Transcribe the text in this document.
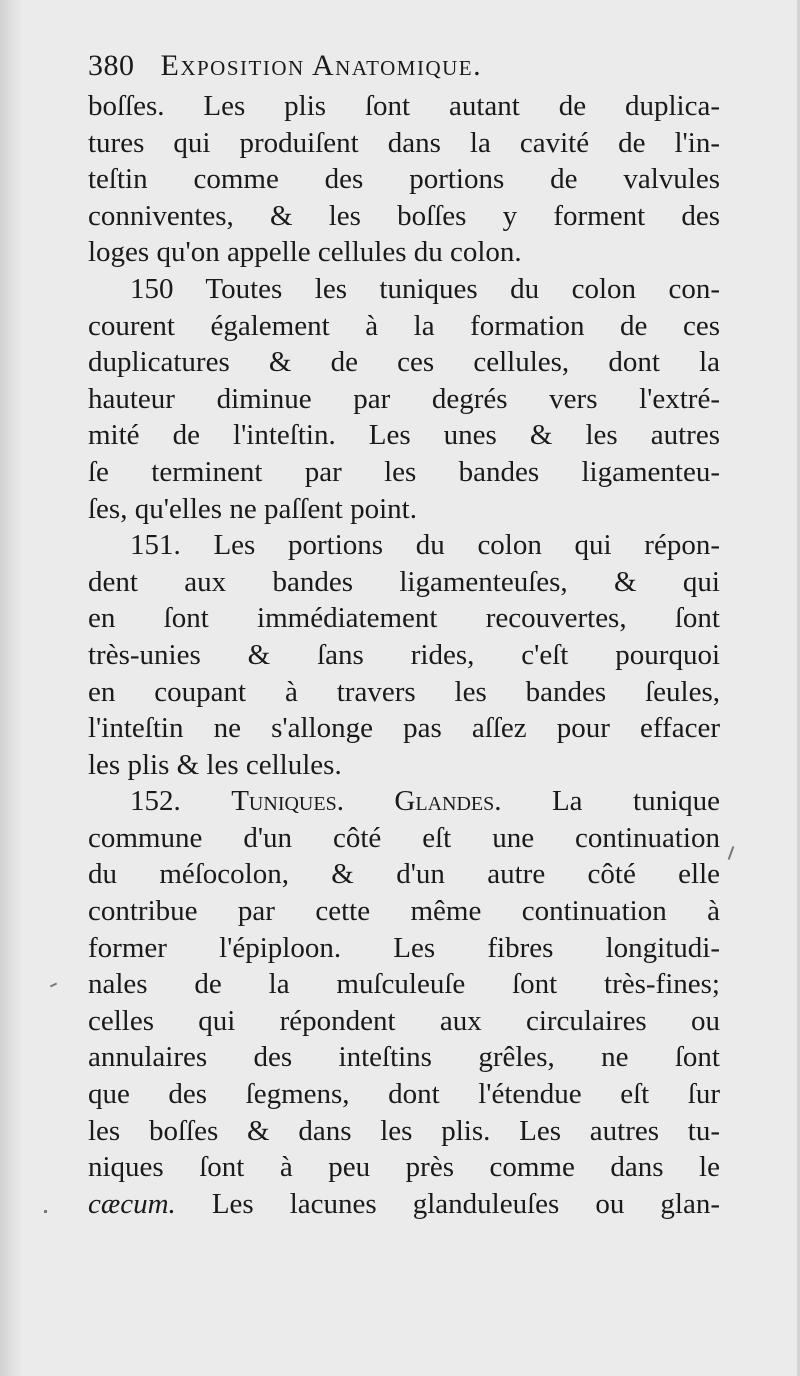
380 Exposition Anatomique.
boſſes. Les plis ſont autant de duplica-
tures qui produiſent dans la cavité de l'in-
teſtin comme des portions de valvules
conniventes, & les boſſes y forment des
loges qu'on appelle cellules du colon.
150 Toutes les tuniques du colon con-
courent également à la formation de ces
duplicatures & de ces cellules, dont la
hauteur diminue par degrés vers l'extré-
mité de l'inteſtin. Les unes & les autres
ſe terminent par les bandes ligamenteu-
ſes, qu'elles ne paſſent point.
151. Les portions du colon qui répon-
dent aux bandes ligamenteuſes, & qui
en ſont immédiatement recouvertes, ſont
très-unies & ſans rides, c'eſt pourquoi
en coupant à travers les bandes ſeules,
l'inteſtin ne s'allonge pas aſſez pour effacer
les plis & les cellules.
152. Tuniques. Glandes. La tunique
commune d'un côté eſt une continuation
du méſocolon, & d'un autre côté elle
contribue par cette même continuation à
former l'épiploon. Les fibres longitudi-
nales de la muſculeuſe ſont très-fines;
celles qui répondent aux circulaires ou
annulaires des inteſtins grêles, ne ſont
que des ſegmens, dont l'étendue eſt ſur
les boſſes & dans les plis. Les autres tu-
niques ſont à peu près comme dans le
cæcum. Les lacunes glanduleuſes ou glan-
